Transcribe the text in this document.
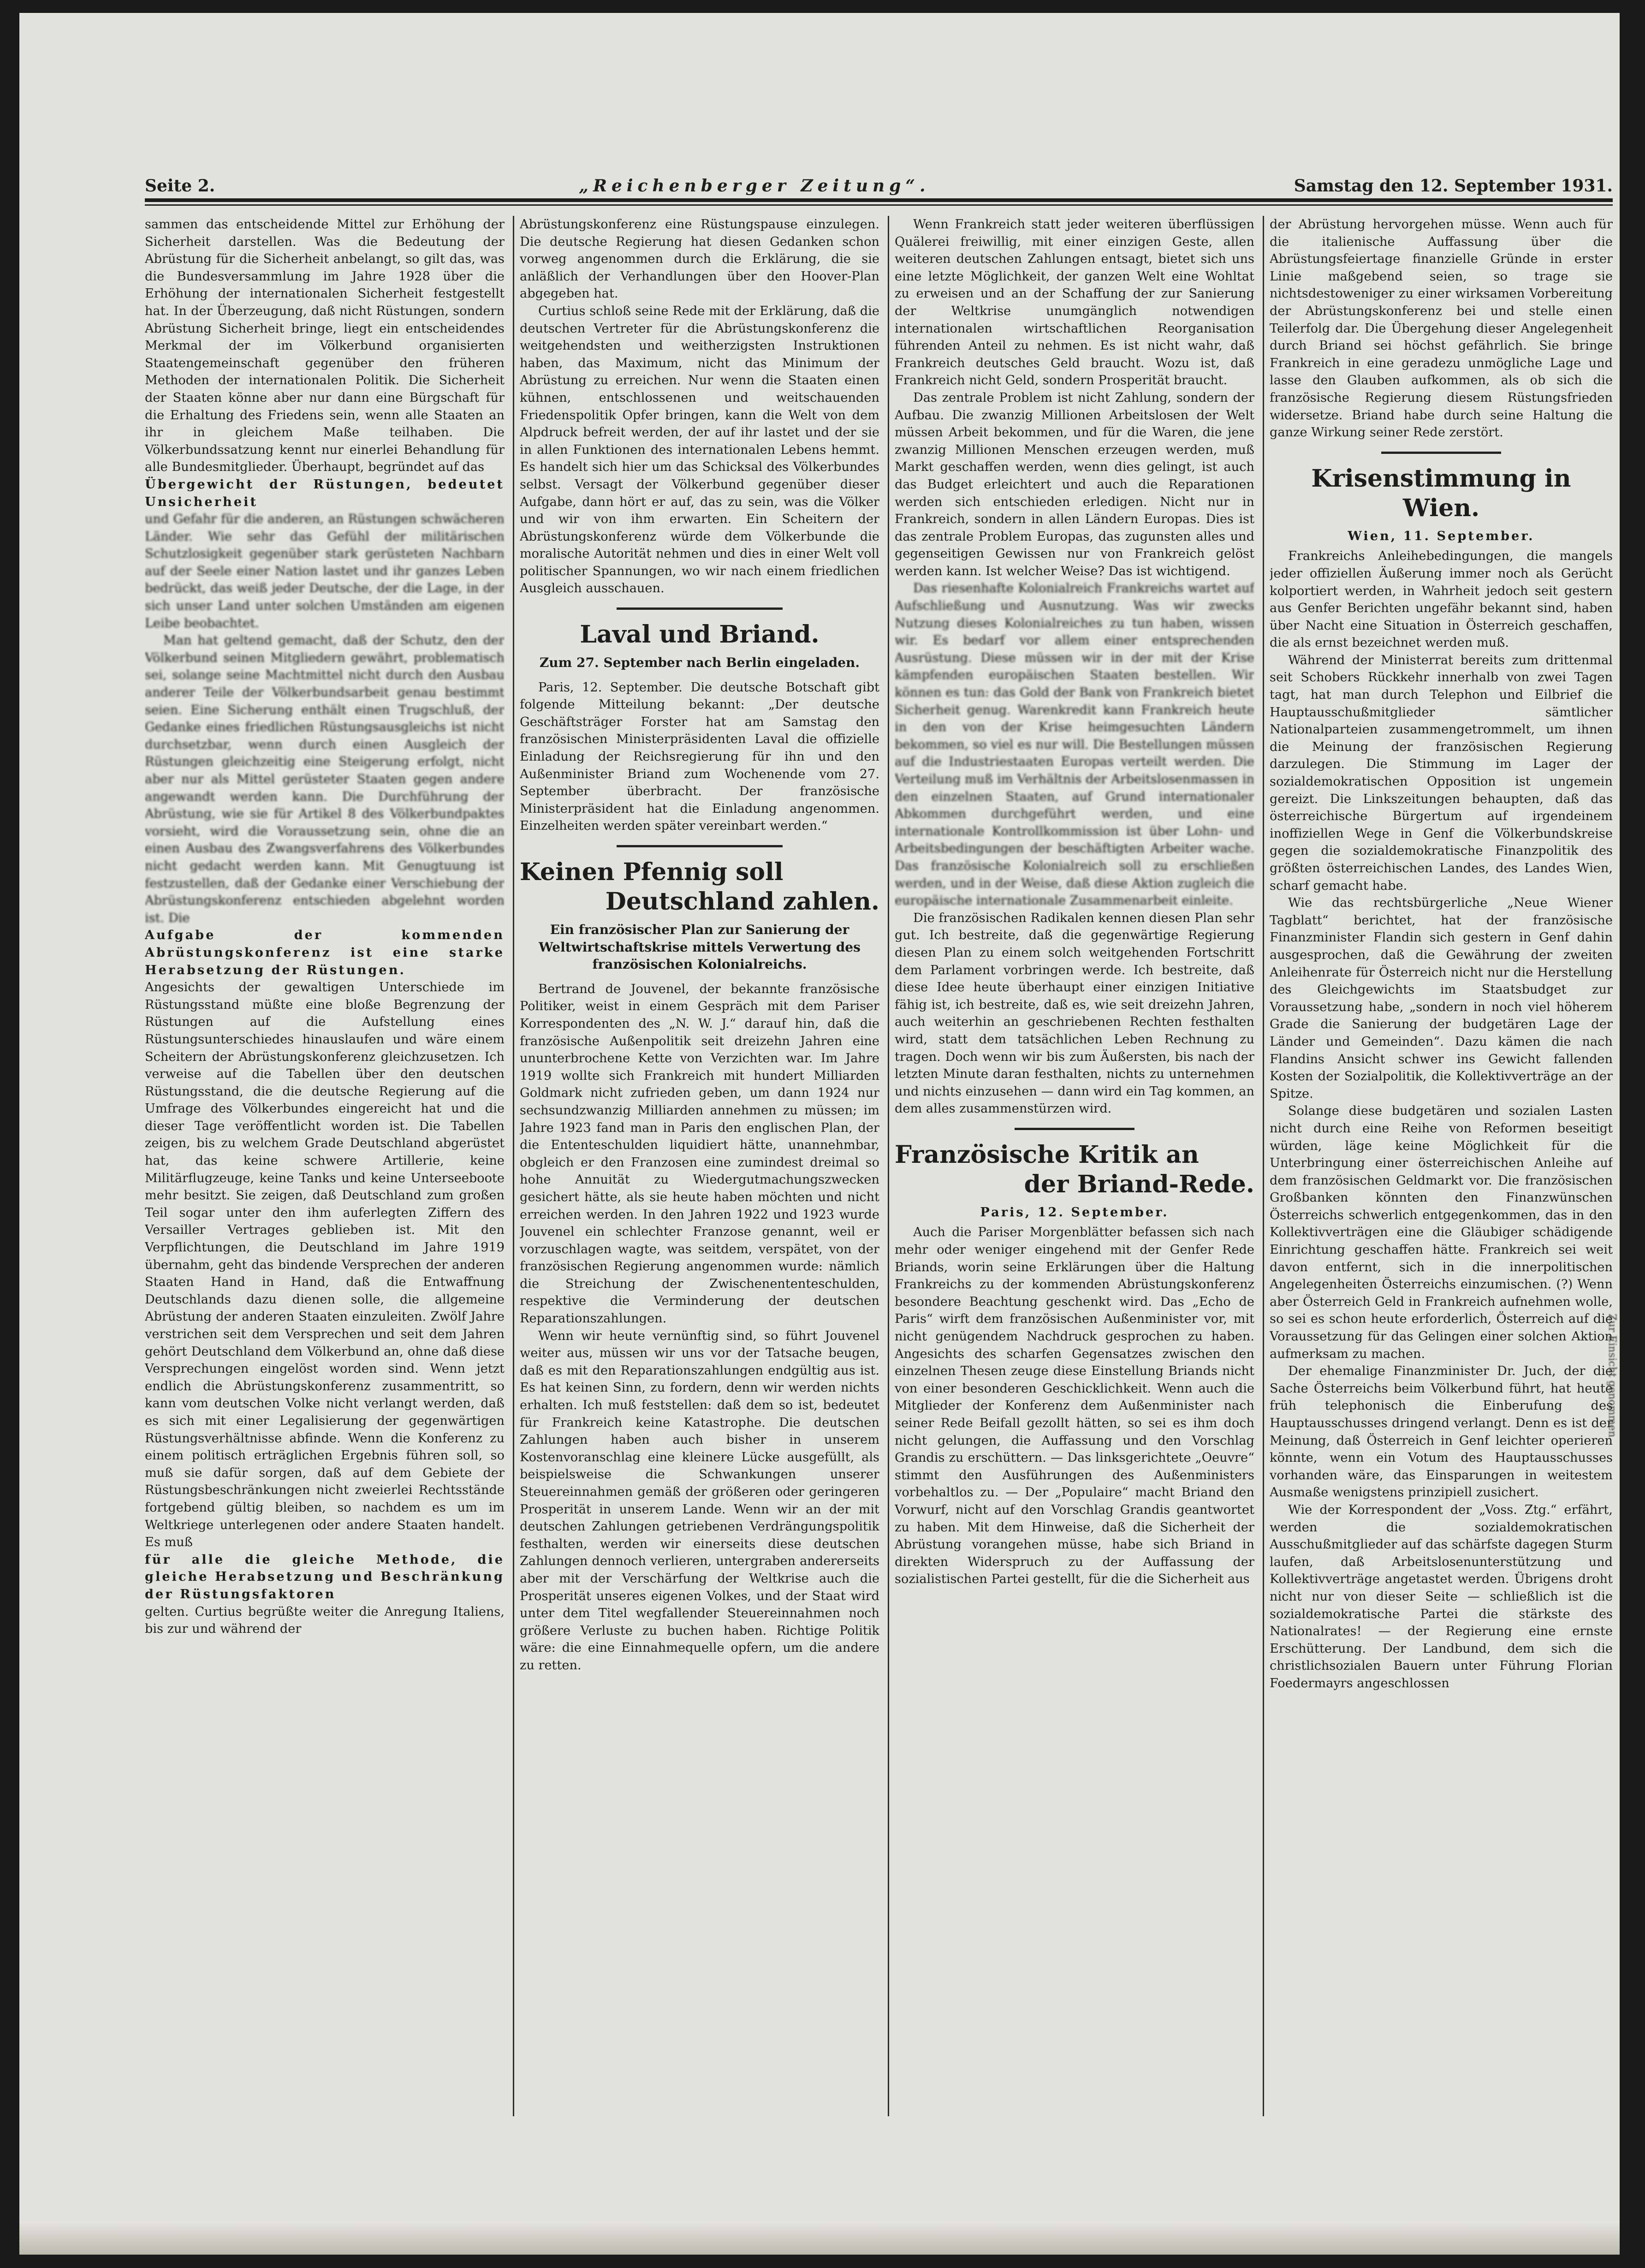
Seite 2.	„Reichenberger Zeitung“.	Samstag den 12. September 1931.

sammen das entscheidende Mittel zur Erhöhung der Sicherheit darstellen. Was die Bedeutung der Abrüstung für die Sicherheit anbelangt, so gilt das, was die Bundesversammlung im Jahre 1928 über die Erhöhung der internationalen Sicherheit festgestellt hat. In der Überzeugung, daß nicht Rüstungen, sondern Abrüstung Sicherheit bringe, liegt ein entscheidendes Merkmal der im Völkerbund organisierten Staatengemeinschaft gegenüber den früheren Methoden der internationalen Politik. Die Sicherheit der Staaten könne aber nur dann eine Bürgschaft für die Erhaltung des Friedens sein, wenn alle Staaten an ihr in gleichem Maße teilhaben. Die Völkerbundssatzung kennt nur einerlei Behandlung für alle Bundesmitglieder. Überhaupt, begründet auf das

Übergewicht der Rüstungen, bedeutet Unsicherheit

und Gefahr für die anderen, an Rüstungen schwächeren Länder. Wie sehr das Gefühl der militärischen Schutzlosigkeit gegenüber stark gerüsteten Nachbarn auf der Seele einer Nation lastet und ihr ganzes Leben bedrückt, das weiß jeder Deutsche, der die Lage, in der sich unser Land unter solchen Umständen am eigenen Leibe beobachtet.

Man hat geltend gemacht, daß der Schutz, den der Völkerbund seinen Mitgliedern gewährt, problematisch sei, solange seine Machtmittel nicht durch den Ausbau anderer Teile der Völkerbundsarbeit genau bestimmt seien. Eine Sicherung enthält einen Trugschluß, der Gedanke eines friedlichen Rüstungsausgleichs ist nicht durchsetzbar, wenn durch einen Ausgleich der Rüstungen gleichzeitig eine Steigerung erfolgt, nicht aber nur als Mittel gerüsteter Staaten gegen andere angewandt werden kann. Die Durchführung der Abrüstung, wie sie für Artikel 8 des Völkerbundpaktes vorsieht, wird die Voraussetzung sein, ohne die an einen Ausbau des Zwangsverfahrens des Völkerbundes nicht gedacht werden kann. Mit Genugtuung ist festzustellen, daß der Gedanke einer Verschiebung der Abrüstungskonferenz entschieden abgelehnt worden ist. Die

Aufgabe der kommenden Abrüstungskonferenz ist eine starke Herabsetzung der Rüstungen.

Angesichts der gewaltigen Unterschiede im Rüstungsstand müßte eine bloße Begrenzung der Rüstungen auf die Aufstellung eines Rüstungsunterschiedes hinauslaufen und wäre einem Scheitern der Abrüstungskonferenz gleichzusetzen. Ich verweise auf die Tabellen über den deutschen Rüstungsstand, die die deutsche Regierung auf die Umfrage des Völkerbundes eingereicht hat und die dieser Tage veröffentlicht worden ist. Die Tabellen zeigen, bis zu welchem Grade Deutschland abgerüstet hat, das keine schwere Artillerie, keine Militärflugzeuge, keine Tanks und keine Unterseeboote mehr besitzt. Sie zeigen, daß Deutschland zum großen Teil sogar unter den ihm auferlegten Ziffern des Versailler Vertrages geblieben ist. Mit den Verpflichtungen, die Deutschland im Jahre 1919 übernahm, geht das bindende Versprechen der anderen Staaten Hand in Hand, daß die Entwaffnung Deutschlands dazu dienen solle, die allgemeine Abrüstung der anderen Staaten einzuleiten. Zwölf Jahre verstrichen seit dem Versprechen und seit dem Jahren gehört Deutschland dem Völkerbund an, ohne daß diese Versprechungen eingelöst worden sind. Wenn jetzt endlich die Abrüstungskonferenz zusammentritt, so kann vom deutschen Volke nicht verlangt werden, daß es sich mit einer Legalisierung der gegenwärtigen Rüstungsverhältnisse abfinde. Wenn die Konferenz zu einem politisch erträglichen Ergebnis führen soll, so muß sie dafür sorgen, daß auf dem Gebiete der Rüstungsbeschränkungen nicht zweierlei Rechtsstände fortgebend gültig bleiben, so nachdem es um im Weltkriege unterlegenen oder andere Staaten handelt. Es muß

für alle die gleiche Methode, die gleiche Herabsetzung und Beschränkung der Rüstungsfaktoren

gelten. Curtius begrüßte weiter die Anregung Italiens, bis zur und während der

Abrüstungskonferenz eine Rüstungspause einzulegen. Die deutsche Regierung hat diesen Gedanken schon vorweg angenommen durch die Erklärung, die sie anläßlich der Verhandlungen über den Hoover-Plan abgegeben hat.

Curtius schloß seine Rede mit der Erklärung, daß die deutschen Vertreter für die Abrüstungskonferenz die weitgehendsten und weitherzigsten Instruktionen haben, das Maximum, nicht das Minimum der Abrüstung zu erreichen. Nur wenn die Staaten einen kühnen, entschlossenen und weitschauenden Friedenspolitik Opfer bringen, kann die Welt von dem Alpdruck befreit werden, der auf ihr lastet und der sie in allen Funktionen des internationalen Lebens hemmt. Es handelt sich hier um das Schicksal des Völkerbundes selbst. Versagt der Völkerbund gegenüber dieser Aufgabe, dann hört er auf, das zu sein, was die Völker und wir von ihm erwarten. Ein Scheitern der Abrüstungskonferenz würde dem Völkerbunde die moralische Autorität nehmen und dies in einer Welt voll politischer Spannungen, wo wir nach einem friedlichen Ausgleich ausschauen.

Laval und Briand.
Zum 27. September nach Berlin eingeladen.

Paris, 12. September. Die deutsche Botschaft gibt folgende Mitteilung bekannt: „Der deutsche Geschäftsträger Forster hat am Samstag den französischen Ministerpräsidenten Laval die offizielle Einladung der Reichsregierung für ihn und den Außenminister Briand zum Wochenende vom 27. September überbracht. Der französische Ministerpräsident hat die Einladung angenommen. Einzelheiten werden später vereinbart werden.“

Keinen Pfennig soll
Deutschland zahlen.
Ein französischer Plan zur Sanierung der Weltwirtschaftskrise mittels Verwertung des französischen Kolonialreichs.

Bertrand de Jouvenel, der bekannte französische Politiker, weist in einem Gespräch mit dem Pariser Korrespondenten des „N. W. J.“ darauf hin, daß die französische Außenpolitik seit dreizehn Jahren eine ununterbrochene Kette von Verzichten war. Im Jahre 1919 wollte sich Frankreich mit hundert Milliarden Goldmark nicht zufrieden geben, um dann 1924 nur sechsundzwanzig Milliarden annehmen zu müssen; im Jahre 1923 fand man in Paris den englischen Plan, der die Ententeschulden liquidiert hätte, unannehmbar, obgleich er den Franzosen eine zumindest dreimal so hohe Annuität zu Wiedergutmachungszwecken gesichert hätte, als sie heute haben möchten und nicht erreichen werden. In den Jahren 1922 und 1923 wurde Jouvenel ein schlechter Franzose genannt, weil er vorzuschlagen wagte, was seitdem, verspätet, von der französischen Regierung angenommen wurde: nämlich die Streichung der Zwischenententeschulden, respektive die Verminderung der deutschen Reparationszahlungen.

Wenn wir heute vernünftig sind, so führt Jouvenel weiter aus, müssen wir uns vor der Tatsache beugen, daß es mit den Reparationszahlungen endgültig aus ist. Es hat keinen Sinn, zu fordern, denn wir werden nichts erhalten. Ich muß feststellen: daß dem so ist, bedeutet für Frankreich keine Katastrophe. Die deutschen Zahlungen haben auch bisher in unserem Kostenvoranschlag eine kleinere Lücke ausgefüllt, als beispielsweise die Schwankungen unserer Steuereinnahmen gemäß der größeren oder geringeren Prosperität in unserem Lande. Wenn wir an der mit deutschen Zahlungen getriebenen Verdrängungspolitik festhalten, werden wir einerseits diese deutschen Zahlungen dennoch verlieren, untergraben andererseits aber mit der Verschärfung der Weltkrise auch die Prosperität unseres eigenen Volkes, und der Staat wird unter dem Titel wegfallender Steuereinnahmen noch größere Verluste zu buchen haben. Richtige Politik wäre: die eine Einnahmequelle opfern, um die andere zu retten.

Wenn Frankreich statt jeder weiteren überflüssigen Quälerei freiwillig, mit einer einzigen Geste, allen weiteren deutschen Zahlungen entsagt, bietet sich uns eine letzte Möglichkeit, der ganzen Welt eine Wohltat zu erweisen und an der Schaffung der zur Sanierung der Weltkrise unumgänglich notwendigen internationalen wirtschaftlichen Reorganisation führenden Anteil zu nehmen. Es ist nicht wahr, daß Frankreich deutsches Geld braucht. Wozu ist, daß Frankreich nicht Geld, sondern Prosperität braucht.

Das zentrale Problem ist nicht Zahlung, sondern der Aufbau. Die zwanzig Millionen Arbeitslosen der Welt müssen Arbeit bekommen, und für die Waren, die jene zwanzig Millionen Menschen erzeugen werden, muß Markt geschaffen werden, wenn dies gelingt, ist auch das Budget erleichtert und auch die Reparationen werden sich entschieden erledigen. Nicht nur in Frankreich, sondern in allen Ländern Europas. Dies ist das zentrale Problem Europas, das zugunsten alles und gegenseitigen Gewissen nur von Frankreich gelöst werden kann. Ist welcher Weise? Das ist wichtigend.

Das riesenhafte Kolonialreich Frankreichs wartet auf Aufschließung und Ausnutzung. Was wir zwecks Nutzung dieses Kolonialreiches zu tun haben, wissen wir. Es bedarf vor allem einer entsprechenden Ausrüstung. Diese müssen wir in der mit der Krise kämpfenden europäischen Staaten bestellen. Wir können es tun: das Gold der Bank von Frankreich bietet Sicherheit genug. Warenkredit kann Frankreich heute in den von der Krise heimgesuchten Ländern bekommen, so viel es nur will. Die Bestellungen müssen auf die Industriestaaten Europas verteilt werden. Die Verteilung muß im Verhältnis der Arbeitslosenmassen in den einzelnen Staaten, auf Grund internationaler Abkommen durchgeführt werden, und eine internationale Kontrollkommission ist über Lohn- und Arbeitsbedingungen der beschäftigten Arbeiter wache. Das französische Kolonialreich soll zu erschließen werden, und in der Weise, daß diese Aktion zugleich die europäische internationale Zusammenarbeit einleite.

Die französischen Radikalen kennen diesen Plan sehr gut. Ich bestreite, daß die gegenwärtige Regierung diesen Plan zu einem solch weitgehenden Fortschritt dem Parlament vorbringen werde. Ich bestreite, daß diese Idee heute überhaupt einer einzigen Initiative fähig ist, ich bestreite, daß es, wie seit dreizehn Jahren, auch weiterhin an geschriebenen Rechten festhalten wird, statt dem tatsächlichen Leben Rechnung zu tragen. Doch wenn wir bis zum Äußersten, bis nach der letzten Minute daran festhalten, nichts zu unternehmen und nichts einzusehen — dann wird ein Tag kommen, an dem alles zusammenstürzen wird.

Französische Kritik an
der Briand-Rede.
Paris, 12. September.

Auch die Pariser Morgenblätter befassen sich nach mehr oder weniger eingehend mit der Genfer Rede Briands, worin seine Erklärungen über die Haltung Frankreichs zu der kommenden Abrüstungskonferenz besondere Beachtung geschenkt wird. Das „Echo de Paris“ wirft dem französischen Außenminister vor, mit nicht genügendem Nachdruck gesprochen zu haben. Angesichts des scharfen Gegensatzes zwischen den einzelnen Thesen zeuge diese Einstellung Briands nicht von einer besonderen Geschicklichkeit. Wenn auch die Mitglieder der Konferenz dem Außenminister nach seiner Rede Beifall gezollt hätten, so sei es ihm doch nicht gelungen, die Auffassung und den Vorschlag Grandis zu erschüttern. — Das linksgerichtete „Oeuvre“ stimmt den Ausführungen des Außenministers vorbehaltlos zu. — Der „Populaire“ macht Briand den Vorwurf, nicht auf den Vorschlag Grandis geantwortet zu haben. Mit dem Hinweise, daß die Sicherheit der Abrüstung vorangehen müsse, habe sich Briand in direkten Widerspruch zu der Auffassung der sozialistischen Partei gestellt, für die die Sicherheit aus

der Abrüstung hervorgehen müsse. Wenn auch für die italienische Auffassung über die Abrüstungsfeiertage finanzielle Gründe in erster Linie maßgebend seien, so trage sie nichtsdestoweniger zu einer wirksamen Vorbereitung der Abrüstungskonferenz bei und stelle einen Teilerfolg dar. Die Übergehung dieser Angelegenheit durch Briand sei höchst gefährlich. Sie bringe Frankreich in eine geradezu unmögliche Lage und lasse den Glauben aufkommen, als ob sich die französische Regierung diesem Rüstungsfrieden widersetze. Briand habe durch seine Haltung die ganze Wirkung seiner Rede zerstört.

Krisenstimmung in Wien.
Wien, 11. September.

Frankreichs Anleihebedingungen, die mangels jeder offiziellen Äußerung immer noch als Gerücht kolportiert werden, in Wahrheit jedoch seit gestern aus Genfer Berichten ungefähr bekannt sind, haben über Nacht eine Situation in Österreich geschaffen, die als ernst bezeichnet werden muß.

Während der Ministerrat bereits zum drittenmal seit Schobers Rückkehr innerhalb von zwei Tagen tagt, hat man durch Telephon und Eilbrief die Hauptausschußmitglieder sämtlicher Nationalparteien zusammengetrommelt, um ihnen die Meinung der französischen Regierung darzulegen. Die Stimmung im Lager der sozialdemokratischen Opposition ist ungemein gereizt. Die Linkszeitungen behaupten, daß das österreichische Bürgertum auf irgendeinem inoffiziellen Wege in Genf die Völkerbundskreise gegen die sozialdemokratische Finanzpolitik des größten österreichischen Landes, des Landes Wien, scharf gemacht habe.

Wie das rechtsbürgerliche „Neue Wiener Tagblatt“ berichtet, hat der französische Finanzminister Flandin sich gestern in Genf dahin ausgesprochen, daß die Gewährung der zweiten Anleihenrate für Österreich nicht nur die Herstellung des Gleichgewichts im Staatsbudget zur Voraussetzung habe, „sondern in noch viel höherem Grade die Sanierung der budgetären Lage der Länder und Gemeinden“. Dazu kämen die nach Flandins Ansicht schwer ins Gewicht fallenden Kosten der Sozialpolitik, die Kollektivverträge an der Spitze.

Solange diese budgetären und sozialen Lasten nicht durch eine Reihe von Reformen beseitigt würden, läge keine Möglichkeit für die Unterbringung einer österreichischen Anleihe auf dem französischen Geldmarkt vor. Die französischen Großbanken könnten den Finanzwünschen Österreichs schwerlich entgegenkommen, das in den Kollektivverträgen eine die Gläubiger schädigende Einrichtung geschaffen hätte. Frankreich sei weit davon entfernt, sich in die innerpolitischen Angelegenheiten Österreichs einzumischen. (?) Wenn aber Österreich Geld in Frankreich aufnehmen wolle, so sei es schon heute erforderlich, Österreich auf die Voraussetzung für das Gelingen einer solchen Aktion aufmerksam zu machen.

Der ehemalige Finanzminister Dr. Juch, der die Sache Österreichs beim Völkerbund führt, hat heute früh telephonisch die Einberufung des Hauptausschusses dringend verlangt. Denn es ist der Meinung, daß Österreich in Genf leichter operieren könnte, wenn ein Votum des Hauptausschusses vorhanden wäre, das Einsparungen in weitestem Ausmaße wenigstens prinzipiell zusichert.

Wie der Korrespondent der „Voss. Ztg.“ erfährt, werden die sozialdemokratischen Ausschußmitglieder auf das schärfste dagegen Sturm laufen, daß Arbeitslosenunterstützung und Kollektivverträge angetastet werden. Übrigens droht nicht nur von dieser Seite — schließlich ist die sozialdemokratische Partei die stärkste des Nationalrates! — der Regierung eine ernste Erschütterung. Der Landbund, dem sich die christlichsozialen Bauern unter Führung Florian Foedermayrs angeschlossen

Zur Einsicht genommen
